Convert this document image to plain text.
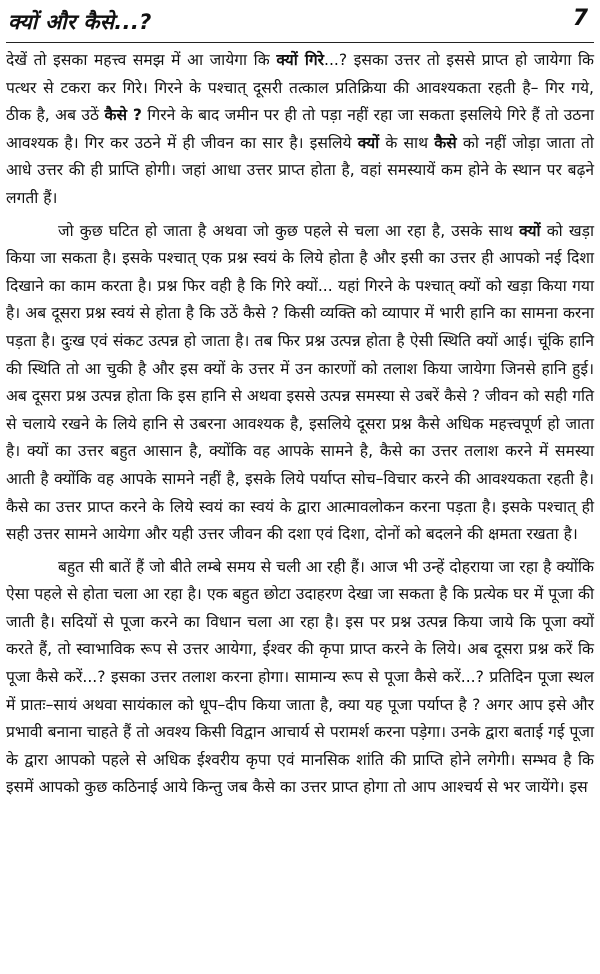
क्यों और कैसे...?	7

देखें तो इसका महत्त्व समझ में आ जायेगा कि क्यों गिरे...? इसका उत्तर तो इससे प्राप्त हो जायेगा कि पत्थर से टकरा कर गिरे। गिरने के पश्चात् दूसरी तत्काल प्रतिक्रिया की आवश्यकता रहती है– गिर गये, ठीक है, अब उठें कैसे ? गिरने के बाद जमीन पर ही तो पड़ा नहीं रहा जा सकता इसलिये गिरे हैं तो उठना आवश्यक है। गिर कर उठने में ही जीवन का सार है। इसलिये क्यों के साथ कैसे को नहीं जोड़ा जाता तो आधे उत्तर की ही प्राप्ति होगी। जहां आधा उत्तर प्राप्त होता है, वहां समस्यायें कम होने के स्थान पर बढ़ने लगती हैं।

जो कुछ घटित हो जाता है अथवा जो कुछ पहले से चला आ रहा है, उसके साथ क्यों को खड़ा किया जा सकता है। इसके पश्चात् एक प्रश्न स्वयं के लिये होता है और इसी का उत्तर ही आपको नई दिशा दिखाने का काम करता है। प्रश्न फिर वही है कि गिरे क्यों... यहां गिरने के पश्चात् क्यों को खड़ा किया गया है। अब दूसरा प्रश्न स्वयं से होता है कि उठें कैसे ? किसी व्यक्ति को व्यापार में भारी हानि का सामना करना पड़ता है। दुःख एवं संकट उत्पन्न हो जाता है। तब फिर प्रश्न उत्पन्न होता है ऐसी स्थिति क्यों आई। चूंकि हानि की स्थिति तो आ चुकी है और इस क्यों के उत्तर में उन कारणों को तलाश किया जायेगा जिनसे हानि हुई। अब दूसरा प्रश्न उत्पन्न होता कि इस हानि से अथवा इससे उत्पन्न समस्या से उबरें कैसे ? जीवन को सही गति से चलाये रखने के लिये हानि से उबरना आवश्यक है, इसलिये दूसरा प्रश्न कैसे अधिक महत्त्वपूर्ण हो जाता है। क्यों का उत्तर बहुत आसान है, क्योंकि वह आपके सामने है, कैसे का उत्तर तलाश करने में समस्या आती है क्योंकि वह आपके सामने नहीं है, इसके लिये पर्याप्त सोच–विचार करने की आवश्यकता रहती है। कैसे का उत्तर प्राप्त करने के लिये स्वयं का स्वयं के द्वारा आत्मावलोकन करना पड़ता है। इसके पश्चात् ही सही उत्तर सामने आयेगा और यही उत्तर जीवन की दशा एवं दिशा, दोनों को बदलने की क्षमता रखता है।

बहुत सी बातें हैं जो बीते लम्बे समय से चली आ रही हैं। आज भी उन्हें दोहराया जा रहा है क्योंकि ऐसा पहले से होता चला आ रहा है। एक बहुत छोटा उदाहरण देखा जा सकता है कि प्रत्येक घर में पूजा की जाती है। सदियों से पूजा करने का विधान चला आ रहा है। इस पर प्रश्न उत्पन्न किया जाये कि पूजा क्यों करते हैं, तो स्वाभाविक रूप से उत्तर आयेगा, ईश्वर की कृपा प्राप्त करने के लिये। अब दूसरा प्रश्न करें कि पूजा कैसे करें...? इसका उत्तर तलाश करना होगा। सामान्य रूप से पूजा कैसे करें...? प्रतिदिन पूजा स्थल में प्रातः–सायं अथवा सायंकाल को धूप–दीप किया जाता है, क्या यह पूजा पर्याप्त है ? अगर आप इसे और प्रभावी बनाना चाहते हैं तो अवश्य किसी विद्वान आचार्य से परामर्श करना पड़ेगा। उनके द्वारा बताई गई पूजा के द्वारा आपको पहले से अधिक ईश्वरीय कृपा एवं मानसिक शांति की प्राप्ति होने लगेगी। सम्भव है कि इसमें आपको कुछ कठिनाई आये किन्तु जब कैसे का उत्तर प्राप्त होगा तो आप आश्चर्य से भर जायेंगे। इस
